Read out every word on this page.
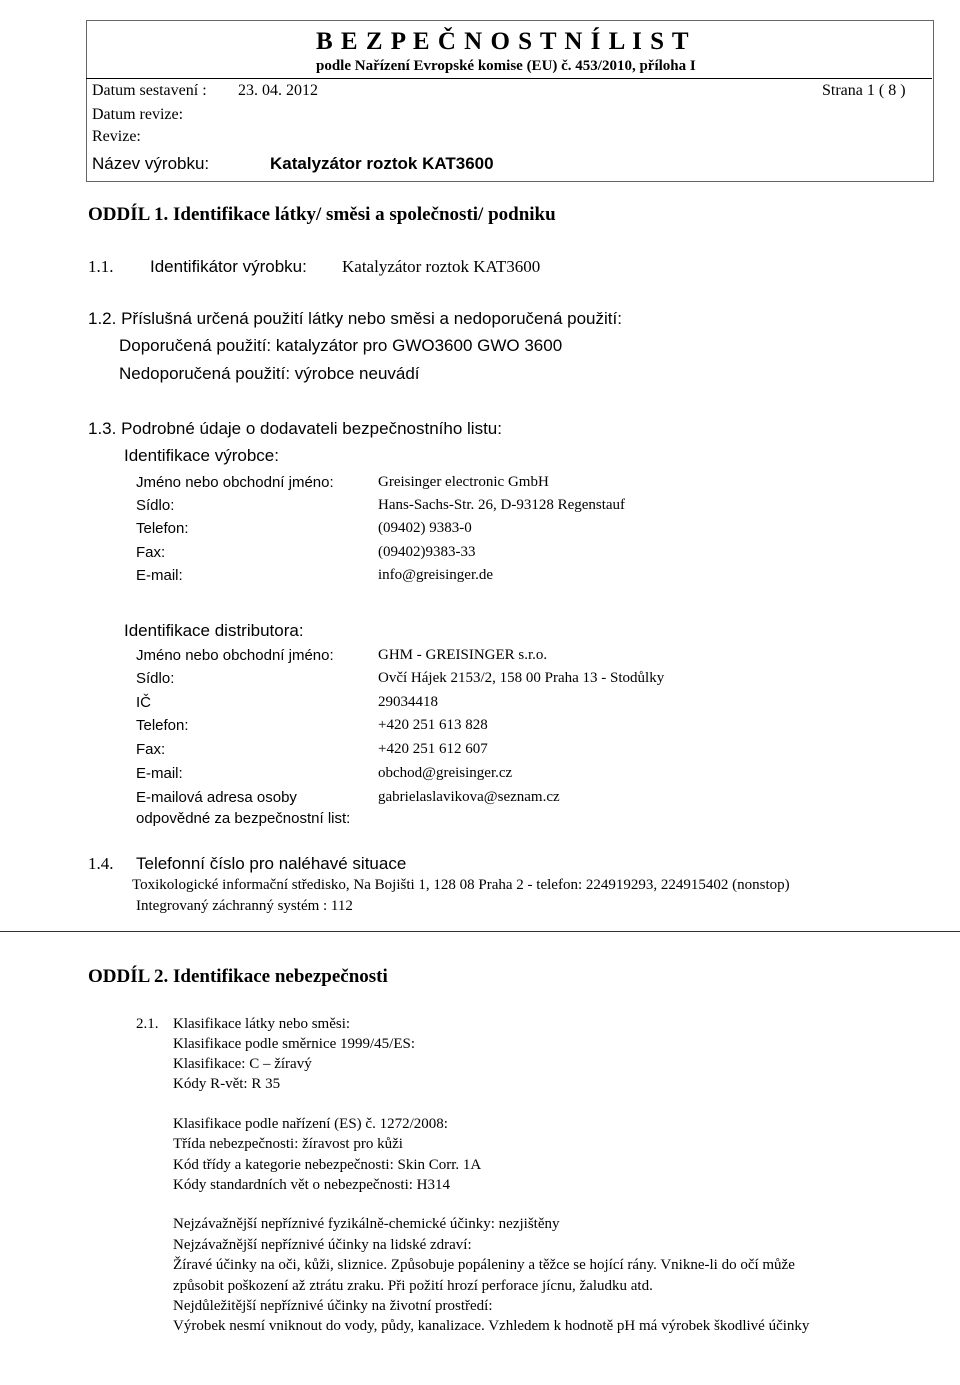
B E Z P E Č N O S T N Í L I S T
podle Nařízení Evropské komise (EU) č. 453/2010, příloha I
Datum sestavení : 23. 04. 2012	Strana 1 ( 8 )
Datum revize:
Revize:
Název výrobku:	Katalyzátor roztok KAT3600
ODDÍL 1. Identifikace látky/ směsi a společnosti/ podniku
1.1. Identifikátor výrobku: Katalyzátor roztok KAT3600
1.2. Příslušná určená použití látky nebo směsi a nedoporučená použití:
Doporučená použití: katalyzátor pro GWO3600 GWO 3600
Nedoporučená použití: výrobce neuvádí
1.3. Podrobné údaje o dodavateli bezpečnostního listu:
Identifikace výrobce:
Jméno nebo obchodní jméno:	Greisinger electronic GmbH
Sídlo:	Hans-Sachs-Str. 26, D-93128 Regenstauf
Telefon:	(09402) 9383-0
Fax:	(09402)9383-33
E-mail:	info@greisinger.de
Identifikace distributora:
Jméno nebo obchodní jméno:	GHM - GREISINGER s.r.o.
Sídlo:	Ovčí Hájek 2153/2, 158 00 Praha 13 - Stodůlky
IČ	29034418
Telefon:	+420 251 613 828
Fax:	+420 251 612 607
E-mail:	obchod@greisinger.cz
E-mailová adresa osoby	gabrielaslavikova@seznam.cz
odpovědné za bezpečnostní list:
1.4. Telefonní číslo pro naléhavé situace
Toxikologické informační středisko, Na Bojišti 1, 128 08 Praha 2 - telefon: 224919293, 224915402 (nonstop)
Integrovaný záchranný systém : 112
ODDÍL 2. Identifikace nebezpečnosti
2.1. Klasifikace látky nebo směsi:
Klasifikace podle směrnice 1999/45/ES:
Klasifikace: C – žíravý
Kódy R-vět: R 35
Klasifikace podle nařízení (ES) č. 1272/2008:
Třída nebezpečnosti: žíravost pro kůži
Kód třídy a kategorie nebezpečnosti: Skin Corr. 1A
Kódy standardních vět o nebezpečnosti: H314
Nejzávažnější nepříznivé fyzikálně-chemické účinky: nezjištěny
Nejzávažnější nepříznivé účinky na lidské zdraví:
Žíravé účinky na oči, kůži, sliznice. Způsobuje popáleniny a těžce se hojící rány. Vnikne-li do očí může
způsobit poškození až ztrátu zraku. Při požití hrozí perforace jícnu, žaludku atd.
Nejdůležitější nepříznivé účinky na životní prostředí:
Výrobek nesmí vniknout do vody, půdy, kanalizace. Vzhledem k hodnotě pH má výrobek škodlivé účinky
